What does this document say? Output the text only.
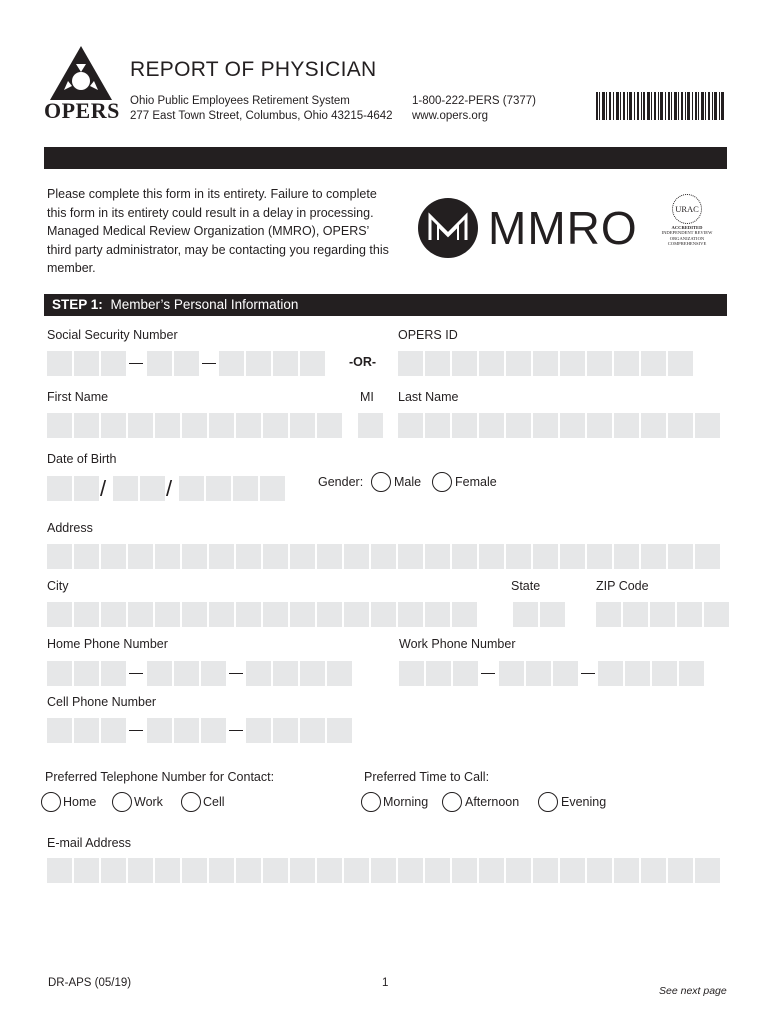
OPERS
REPORT OF PHYSICIAN
Ohio Public Employees Retirement System
277 East Town Street, Columbus, Ohio 43215-4642
1-800-222-PERS (7377)
www.opers.org
Please complete this form in its entirety. Failure to complete
this form in its entirety could result in a delay in processing.
Managed Medical Review Organization (MMRO), OPERS’
third party administrator, may be contacting you regarding this
member.
MMRO	URAC
ACCREDITED
INDEPENDENT REVIEW
ORGANIZATION
COMPREHENSIVE
STEP 1: Member’s Personal Information
Social Security Number	OPERS ID
-OR-
First Name	MI Last Name
Date of Birth
/	/	Gender: Male	Female
Address
City	State	ZIP Code
Home Phone Number	Work Phone Number
Cell Phone Number
Preferred Telephone Number for Contact:	Preferred Time to Call:
Home	Work	Cell	Morning	Afternoon	Evening
E-mail Address
DR-APS (05/19)	1
See next page
